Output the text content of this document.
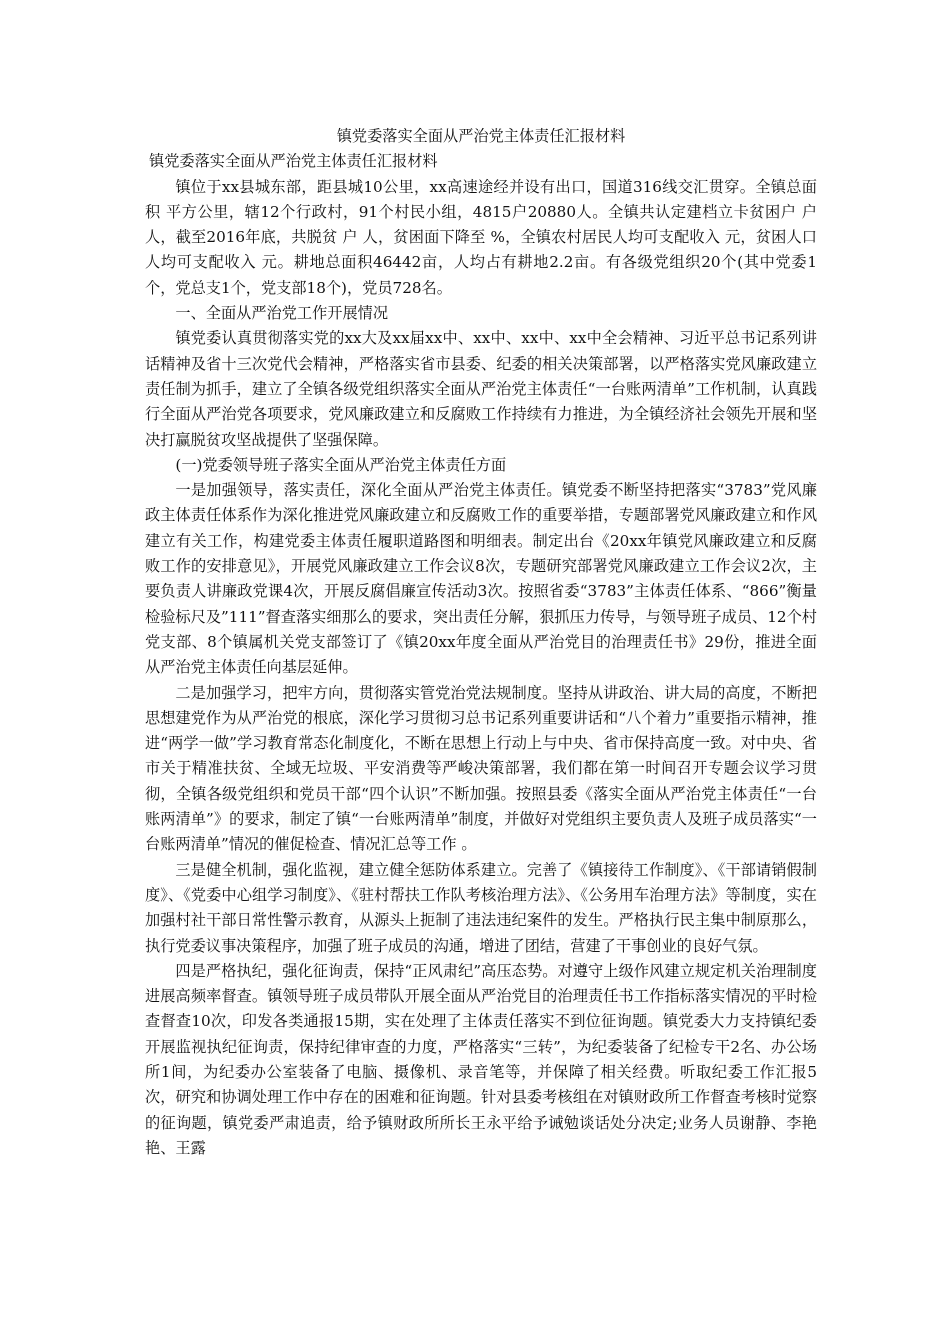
镇党委落实全面从严治党主体责任汇报材料
镇党委落实全面从严治党主体责任汇报材料

镇位于xx县城东部，距县城10公里，xx高速途经并设有出口，国道316线交汇贯穿。全镇总面积 平方公里，辖12个行政村，91个村民小组，4815户20880人。全镇共认定建档立卡贫困户 户 人，截至2016年底，共脱贫 户 人，贫困面下降至 %，全镇农村居民人均可支配收入 元，贫困人口人均可支配收入 元。耕地总面积46442亩，人均占有耕地2.2亩。有各级党组织20个(其中党委1个，党总支1个，党支部18个)，党员728名。

一、全面从严治党工作开展情况

镇党委认真贯彻落实党的xx大及xx届xx中、xx中、xx中、xx中全会精神、习近平总书记系列讲话精神及省十三次党代会精神，严格落实省市县委、纪委的相关决策部署，以严格落实党风廉政建立责任制为抓手，建立了全镇各级党组织落实全面从严治党主体责任“一台账两清单”工作机制，认真践行全面从严治党各项要求，党风廉政建立和反腐败工作持续有力推进，为全镇经济社会领先开展和坚决打赢脱贫攻坚战提供了坚强保障。

(一)党委领导班子落实全面从严治党主体责任方面

一是加强领导，落实责任，深化全面从严治党主体责任。镇党委不断坚持把落实“3783”党风廉政主体责任体系作为深化推进党风廉政建立和反腐败工作的重要举措，专题部署党风廉政建立和作风建立有关工作，构建党委主体责任履职道路图和明细表。制定出台《20xx年镇党风廉政建立和反腐败工作的安排意见》，开展党风廉政建立工作会议8次，专题研究部署党风廉政建立工作会议2次，主要负责人讲廉政党课4次，开展反腐倡廉宣传活动3次。按照省委“3783”主体责任体系、“866”衡量检验标尺及”111”督查落实细那么的要求，突出责任分解，狠抓压力传导，与领导班子成员、12个村党支部、8个镇属机关党支部签订了《镇20xx年度全面从严治党目的治理责任书》29份，推进全面从严治党主体责任向基层延伸。

二是加强学习，把牢方向，贯彻落实管党治党法规制度。坚持从讲政治、讲大局的高度，不断把思想建党作为从严治党的根底，深化学习贯彻习总书记系列重要讲话和“八个着力”重要指示精神，推进“两学一做”学习教育常态化制度化，不断在思想上行动上与中央、省市保持高度一致。对中央、省市关于精准扶贫、全域无垃圾、平安消费等严峻决策部署，我们都在第一时间召开专题会议学习贯彻，全镇各级党组织和党员干部“四个认识”不断加强。按照县委《落实全面从严治党主体责任“一台账两清单”》的要求，制定了镇“一台账两清单”制度，并做好对党组织主要负责人及班子成员落实“一台账两清单”情况的催促检查、情况汇总等工作 。

三是健全机制，强化监视，建立健全惩防体系建立。完善了《镇接待工作制度》、《干部请销假制度》、《党委中心组学习制度》、《驻村帮扶工作队考核治理方法》、《公务用车治理方法》等制度，实在加强村社干部日常性警示教育，从源头上扼制了违法违纪案件的发生。严格执行民主集中制原那么，执行党委议事决策程序，加强了班子成员的沟通，增进了团结，营建了干事创业的良好气氛。

四是严格执纪，强化征询责，保持“正风肃纪”高压态势。对遵守上级作风建立规定机关治理制度进展高频率督查。镇领导班子成员带队开展全面从严治党目的治理责任书工作指标落实情况的平时检查督查10次，印发各类通报15期，实在处理了主体责任落实不到位征询题。镇党委大力支持镇纪委开展监视执纪征询责，保持纪律审查的力度，严格落实“三转”，为纪委装备了纪检专干2名、办公场所1间，为纪委办公室装备了电脑、摄像机、录音笔等，并保障了相关经费。听取纪委工作汇报5次，研究和协调处理工作中存在的困难和征询题。针对县委考核组在对镇财政所工作督查考核时觉察的征询题，镇党委严肃追责，给予镇财政所所长王永平给予诫勉谈话处分决定;业务人员谢静、李艳艳、王露
